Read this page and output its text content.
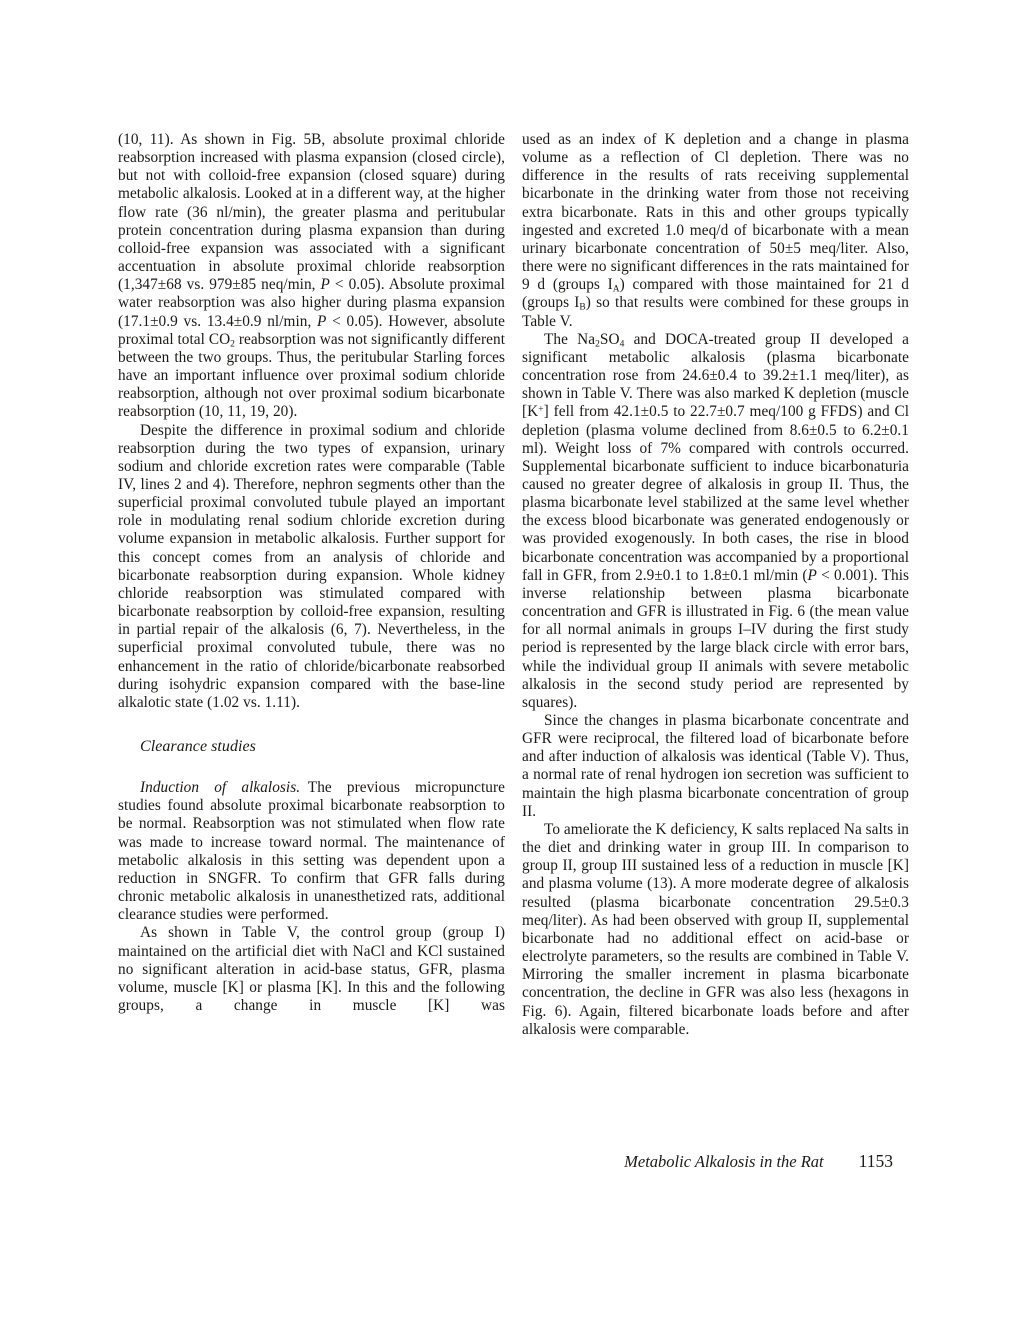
(10, 11). As shown in Fig. 5B, absolute proximal chloride reabsorption increased with plasma expansion (closed circle), but not with colloid-free expansion (closed square) during metabolic alkalosis. Looked at in a different way, at the higher flow rate (36 nl/min), the greater plasma and peritubular protein concentration during plasma expansion than during colloid-free expansion was associated with a significant accentuation in absolute proximal chloride reabsorption (1,347±68 vs. 979±85 neq/min, P < 0.05). Absolute proximal water reabsorption was also higher during plasma expansion (17.1±0.9 vs. 13.4±0.9 nl/min, P < 0.05). However, absolute proximal total $CO_2$ reabsorption was not significantly different between the two groups. Thus, the peritubular Starling forces have an important influence over proximal sodium chloride reabsorption, although not over proximal sodium bicarbonate reabsorption (10, 11, 19, 20).
Despite the difference in proximal sodium and chloride reabsorption during the two types of expansion, urinary sodium and chloride excretion rates were comparable (Table IV, lines 2 and 4). Therefore, nephron segments other than the superficial proximal convoluted tubule played an important role in modulating renal sodium chloride excretion during volume expansion in metabolic alkalosis. Further support for this concept comes from an analysis of chloride and bicarbonate reabsorption during expansion. Whole kidney chloride reabsorption was stimulated compared with bicarbonate reabsorption by colloid-free expansion, resulting in partial repair of the alkalosis (6, 7). Nevertheless, in the superficial proximal convoluted tubule, there was no enhancement in the ratio of chloride/bicarbonate reabsorbed during isohydric expansion compared with the base-line alkalotic state (1.02 vs. 1.11).
Clearance studies
Induction of alkalosis. The previous micropuncture studies found absolute proximal bicarbonate reabsorption to be normal. Reabsorption was not stimulated when flow rate was made to increase toward normal. The maintenance of metabolic alkalosis in this setting was dependent upon a reduction in SNGFR. To confirm that GFR falls during chronic metabolic alkalosis in unanesthetized rats, additional clearance studies were performed.
As shown in Table V, the control group (group I) maintained on the artificial diet with NaCl and KCl sustained no significant alteration in acid-base status, GFR, plasma volume, muscle [K] or plasma [K]. In this and the following groups, a change in muscle [K] was
used as an index of K depletion and a change in plasma volume as a reflection of Cl depletion. There was no difference in the results of rats receiving supplemental bicarbonate in the drinking water from those not receiving extra bicarbonate. Rats in this and other groups typically ingested and excreted 1.0 meq/d of bicarbonate with a mean urinary bicarbonate concentration of 50±5 meq/liter. Also, there were no significant differences in the rats maintained for 9 d (groups $I_A$) compared with those maintained for 21 d (groups $I_B$) so that results were combined for these groups in Table V.
The $Na_2SO_4$ and DOCA-treated group II developed a significant metabolic alkalosis (plasma bicarbonate concentration rose from 24.6±0.4 to 39.2±1.1 meq/liter), as shown in Table V. There was also marked K depletion (muscle [K+] fell from 42.1±0.5 to 22.7±0.7 meq/100 g FFDS) and Cl depletion (plasma volume declined from 8.6±0.5 to 6.2±0.1 ml). Weight loss of 7% compared with controls occurred. Supplemental bicarbonate sufficient to induce bicarbonaturia caused no greater degree of alkalosis in group II. Thus, the plasma bicarbonate level stabilized at the same level whether the excess blood bicarbonate was generated endogenously or was provided exogenously. In both cases, the rise in blood bicarbonate concentration was accompanied by a proportional fall in GFR, from 2.9±0.1 to 1.8±0.1 ml/min (P < 0.001). This inverse relationship between plasma bicarbonate concentration and GFR is illustrated in Fig. 6 (the mean value for all normal animals in groups I–IV during the first study period is represented by the large black circle with error bars, while the individual group II animals with severe metabolic alkalosis in the second study period are represented by squares).
Since the changes in plasma bicarbonate concentrate and GFR were reciprocal, the filtered load of bicarbonate before and after induction of alkalosis was identical (Table V). Thus, a normal rate of renal hydrogen ion secretion was sufficient to maintain the high plasma bicarbonate concentration of group II.
To ameliorate the K deficiency, K salts replaced Na salts in the diet and drinking water in group III. In comparison to group II, group III sustained less of a reduction in muscle [K] and plasma volume (13). A more moderate degree of alkalosis resulted (plasma bicarbonate concentration 29.5±0.3 meq/liter). As had been observed with group II, supplemental bicarbonate had no additional effect on acid-base or electrolyte parameters, so the results are combined in Table V. Mirroring the smaller increment in plasma bicarbonate concentration, the decline in GFR was also less (hexagons in Fig. 6). Again, filtered bicarbonate loads before and after alkalosis were comparable.
Metabolic Alkalosis in the Rat 1153
